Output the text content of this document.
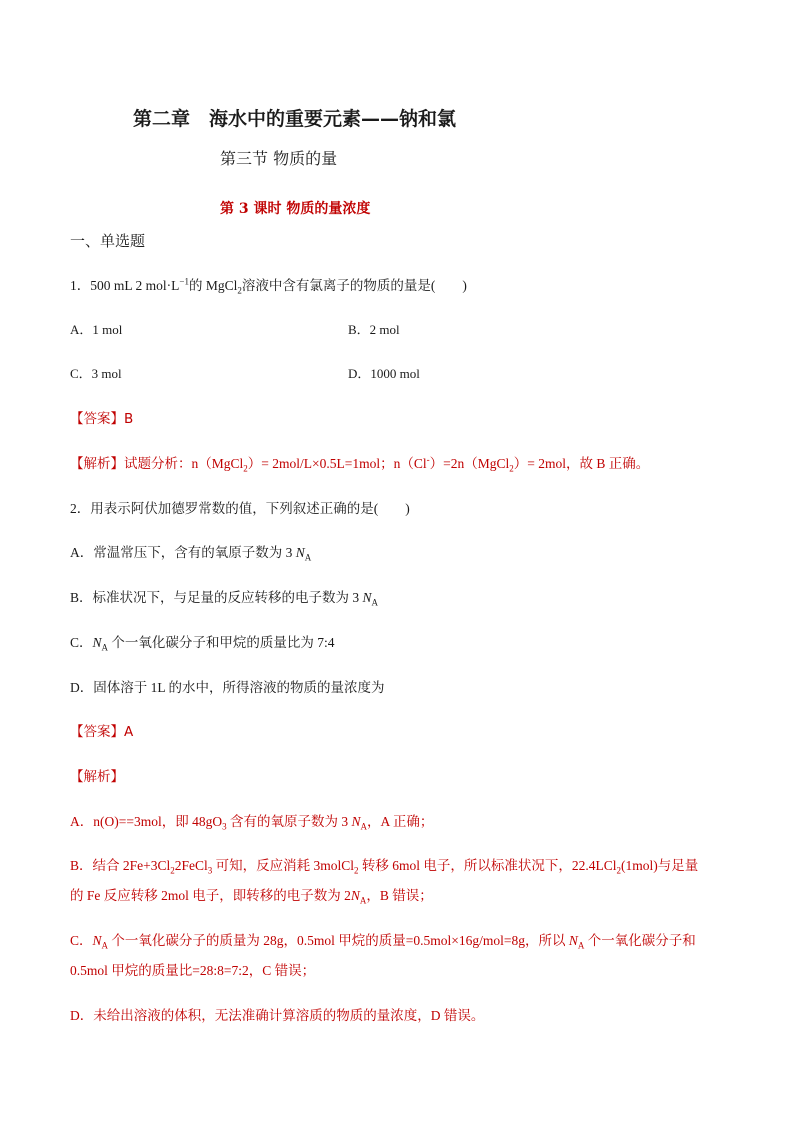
第二章　海水中的重要元素——钠和氯
第三节 物质的量
第 3 课时 物质的量浓度
一、单选题
1．500 mL 2 $mol\cdot L^{-1}$的 MgCl$_2$溶液中含有氯离子的物质的量是(　　)
A．1 mol	B．2 mol
C．3 mol	D．1000 mol
【答案】B
【解析】试题分析：n（MgCl$_2$）= 2mol/L×0.5L=1mol；n（Cl-）=2n（MgCl$_2$）= 2mol，故 B 正确。
2．用表示阿伏加德罗常数的值，下列叙述正确的是(　　)
A．常温常压下，含有的氧原子数为 3 $N_A$
B．标准状况下，与足量的反应转移的电子数为 3 $N_A$
C．$N_A$ 个一氧化碳分子和甲烷的质量比为 7:4
D．固体溶于 1L 的水中，所得溶液的物质的量浓度为
【答案】A
【解析】
A．n(O)==3mol，即 $48gO_3$ 含有的氧原子数为 3 $N_A$，A 正确；
B．结合 $2Fe+3Cl_22FeCl_3$ 可知，反应消耗 3molCl$_2$ 转移 6mol 电子，所以标准状况下，22.4LCl$_2$(1mol)与足量
的 Fe 反应转移 2mol 电子，即转移的电子数为 $2N_A$，B 错误；
C．$N_A$ 个一氧化碳分子的质量为 28g，0.5mol 甲烷的质量=0.5mol×16g/mol=8g，所以 $N_A$ 个一氧化碳分子和
0.5mol 甲烷的质量比=28:8=7:2，C 错误；
D．未给出溶液的体积，无法准确计算溶质的物质的量浓度，D 错误。
